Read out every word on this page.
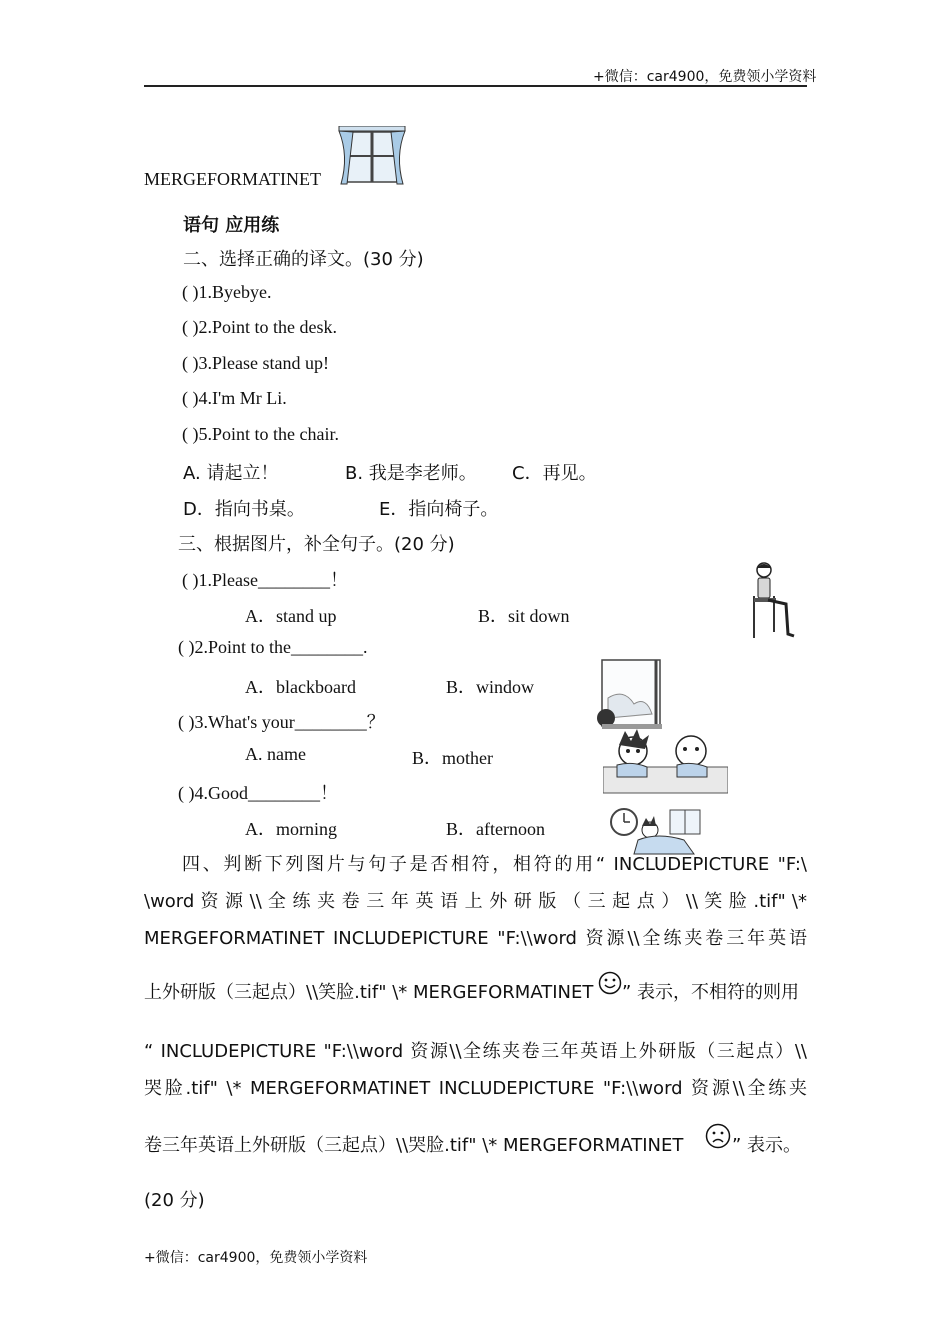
+微信：car4900，免费领小学资料
MERGEFORMATINET
语句 应用练
二、选择正确的译文。(30 分)
( )1.Byebye.
( )2.Point to the desk.
( )3.Please stand up!
( )4.I'm Mr Li.
( )5.Point to the chair.
A. 请起立！	B. 我是李老师。 C．再见。
D．指向书桌。	E．指向椅子。
三、根据图片，补全句子。(20 分)
( )1.Please________！
A．stand up	B．sit down
( )2.Point to the________.
A．blackboard	B．window
( )3.What's your________？
A. name	B．mother
( )4.Good________！
A．morning	B．afternoon
四、判断下列图片与句子是否相符，相符的用“ INCLUDEPICTURE "F:\
\word 资 源 \\ 全 练 夹 卷 三 年 英 语 上 外 研 版 （ 三 起 点 ） \\ 笑 脸 .tif" \*
MERGEFORMATINET INCLUDEPICTURE "F:\\word 资源\\全练夹卷三年英语
上外研版（三起点）\\笑脸.tif" \* MERGEFORMATINET ” 表示，不相符的则用
“ INCLUDEPICTURE "F:\\word 资源\\全练夹卷三年英语上外研版（三起点）\\
哭脸.tif" \* MERGEFORMATINET INCLUDEPICTURE "F:\\word 资源\\全练夹
卷三年英语上外研版（三起点）\\哭脸.tif" \* MERGEFORMATINET	” 表示。
(20 分)
+微信：car4900，免费领小学资料
